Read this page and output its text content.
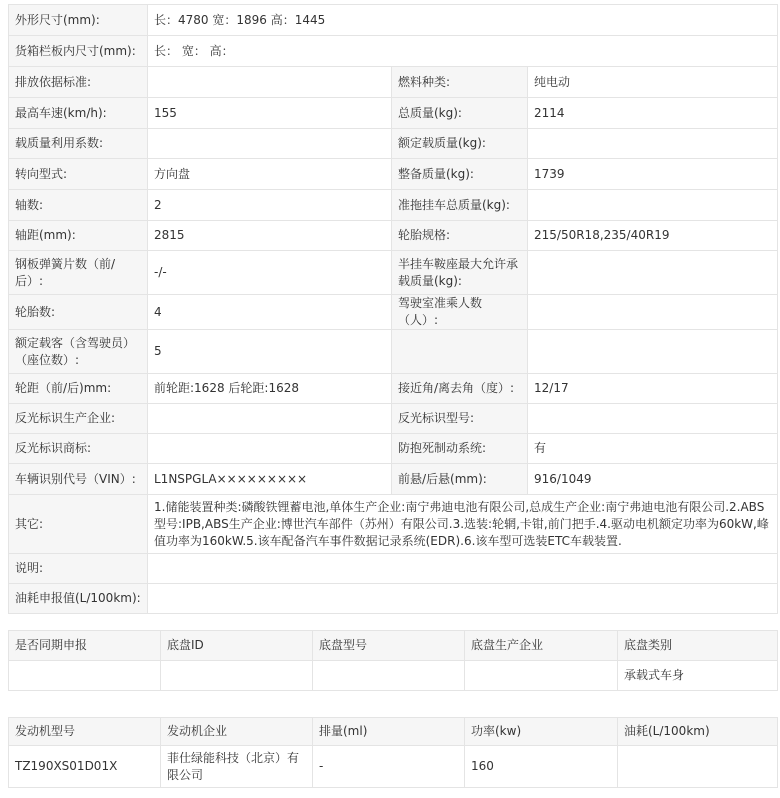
外形尺寸(mm):	长：4780 宽：1896 高：1445		
货箱栏板内尺寸(mm):	长： 宽： 高：		
排放依据标准:		燃料种类:	纯电动
最高车速(km/h):	155	总质量(kg):	2114
载质量利用系数:		额定载质量(kg):	
转向型式:	方向盘	整备质量(kg):	1739
轴数:	2	准拖挂车总质量(kg):	
轴距(mm):	2815	轮胎规格:	215/50R18,235/40R19
钢板弹簧片数（前/后）:	-/-	半挂车鞍座最大允许承载质量(kg):	
轮胎数:	4	驾驶室准乘人数（人）:	
额定载客（含驾驶员）（座位数）:	5		
轮距（前/后)mm:	前轮距:1628 后轮距:1628	接近角/离去角（度）:	12/17
反光标识生产企业:		反光标识型号:	
反光标识商标:		防抱死制动系统:	有
车辆识别代号（VIN）:	L1NSPGLA×××××××××	前悬/后悬(mm):	916/1049
其它:	1.储能装置种类:磷酸铁锂蓄电池,单体生产企业:南宁弗迪电池有限公司,总成生产企业:南宁弗迪电池有限公司.2.ABS型号:IPB,ABS生产企业:博世汽车部件（苏州）有限公司.3.选装:轮辋,卡钳,前门把手.4.驱动电机额定功率为60kW,峰值功率为160kW.5.该车配备汽车事件数据记录系统(EDR).6.该车型可选装ETC车载装置.		
说明:			
油耗申报值(L/100km):			
是否同期申报	底盘ID	底盘型号	底盘生产企业	底盘类别
				承载式车身
发动机型号	发动机企业	排量(ml)	功率(kw)	油耗(L/100km)
TZ190XS01D01X	菲仕绿能科技（北京）有限公司	-	160	
